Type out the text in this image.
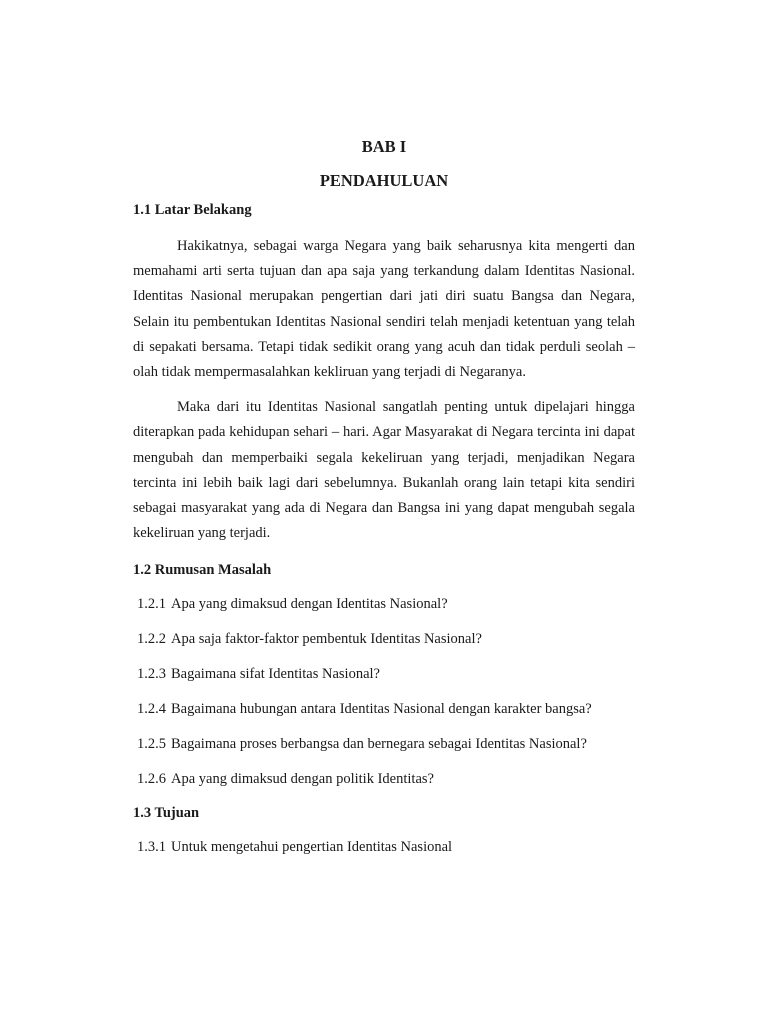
BAB I

PENDAHULUAN

1.1 Latar Belakang

Hakikatnya, sebagai warga Negara yang baik seharusnya kita mengerti dan memahami arti serta tujuan dan apa saja yang terkandung dalam Identitas Nasional. Identitas Nasional merupakan pengertian dari jati diri suatu Bangsa dan Negara, Selain itu pembentukan Identitas Nasional sendiri telah menjadi ketentuan yang telah di sepakati bersama. Tetapi tidak sedikit orang yang acuh dan tidak perduli seolah – olah tidak mempermasalahkan kekliruan yang terjadi di Negaranya.

Maka dari itu Identitas Nasional sangatlah penting untuk dipelajari hingga diterapkan pada kehidupan sehari – hari. Agar Masyarakat di Negara tercinta ini dapat mengubah dan memperbaiki segala kekeliruan yang terjadi, menjadikan Negara tercinta ini lebih baik lagi dari sebelumnya. Bukanlah orang lain tetapi kita sendiri sebagai masyarakat yang ada di Negara dan Bangsa ini yang dapat mengubah segala kekeliruan yang terjadi.

1.2 Rumusan Masalah

1.2.1 Apa yang dimaksud dengan Identitas Nasional?

1.2.2 Apa saja faktor-faktor pembentuk Identitas Nasional?

1.2.3 Bagaimana sifat Identitas Nasional?

1.2.4 Bagaimana hubungan antara Identitas Nasional dengan karakter bangsa?

1.2.5 Bagaimana proses berbangsa dan bernegara sebagai Identitas Nasional?

1.2.6 Apa yang dimaksud dengan politik Identitas?

1.3 Tujuan

1.3.1 Untuk mengetahui pengertian Identitas Nasional
